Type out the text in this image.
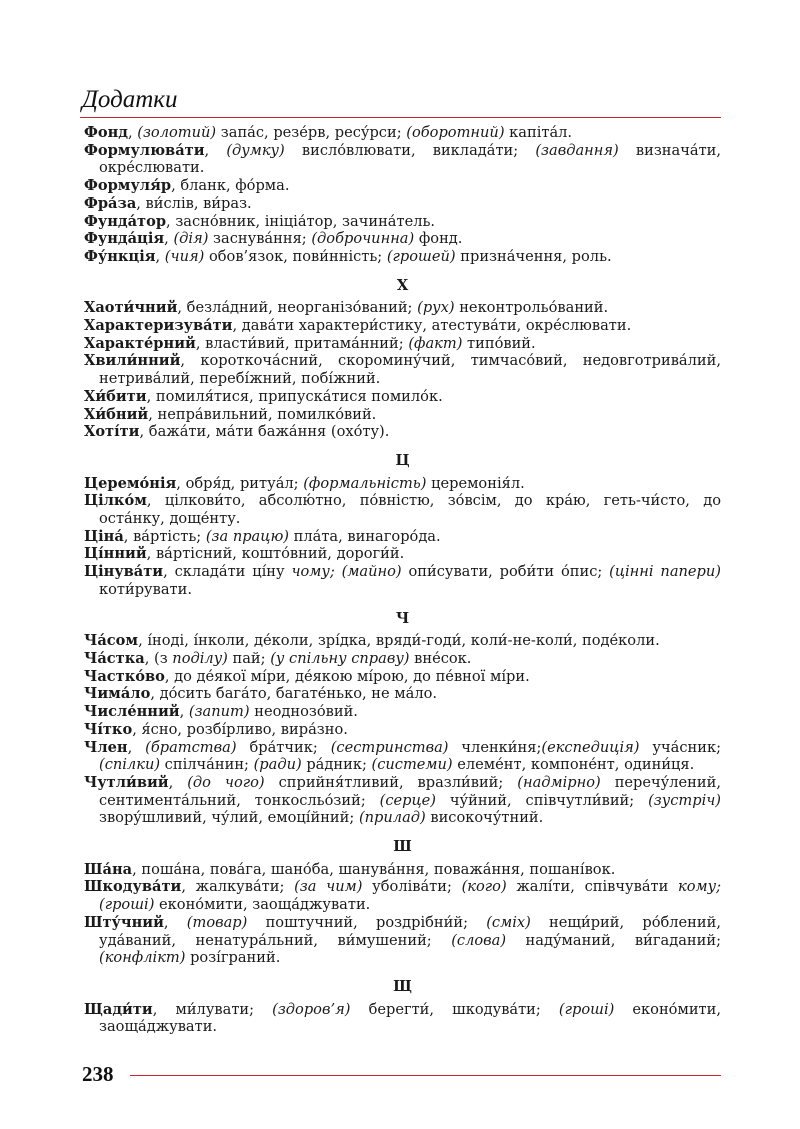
Додатки

Фонд, (золотий) запа́с, резе́рв, ресу́рси; (оборотний) капіта́л.

Формулюва́ти, (думку) висло́влювати, виклада́ти; (завдання) визнача́ти, окре́слювати.

Формуля́р, бланк, фо́рма.

Фра́за, ви́слів, ви́раз.

Фунда́тор, засно́вник, ініціа́тор, зачина́тель.

Фунда́ція, (дія) заснува́ння; (доброчинна) фонд.

Фу́нкція, (чия) обов’язок, пови́нність; (грошей) призна́чення, роль.

Х

Хаоти́чний, безла́дний, неорганізо́ваний; (рух) неконтрольо́ваний.

Характеризува́ти, дава́ти характери́стику, атестува́ти, окре́слювати.

Характе́рний, власти́вий, притама́нний; (факт) типо́вий.

Хвили́нний, короткоча́сний, скоромину́чий, тимчасо́вий, недовготрива́лий, нетрива́лий, перебі́жний, побі́жний.

Хи́бити, помиля́тися, припуска́тися помило́к.

Хи́бний, непра́вильний, помилко́вий.

Хоті́ти, бажа́ти, ма́ти бажа́ння (охо́ту).

Ц

Церемо́нія, обря́д, ритуа́л; (формальність) церемонія́л.

Цілко́м, цілкови́то, абсолю́тно, по́вністю, зо́всім, до кра́ю, геть-чи́сто, до оста́нку, доще́нту.

Ціна́, ва́ртість; (за працю) пла́та, винагоро́да.

Ці́нний, ва́ртісний, кошто́вний, дороги́й.

Цінува́ти, склада́ти ці́ну чому; (майно) опи́сувати, роби́ти о́пис; (цінні папери) коти́рувати.

Ч

Ча́сом, і́ноді, і́нколи, де́коли, зрі́дка, вряди́-годи́, коли́-не-коли́, поде́коли.

Ча́стка, (з поділу) пай; (у спільну справу) вне́сок.

Частко́во, до де́якої мі́ри, де́якою мі́рою, до пе́вної мі́ри.

Чима́ло, до́сить бага́то, багате́нько, не ма́ло.

Числе́нний, (запит) неоднозо́вий.

Чі́тко, я́сно, розбі́рливо, вира́зно.

Член, (братства) бра́тчик; (сестринства) членки́ня;(експедиція) уча́сник; (спілки) спілча́нин; (ради) ра́дник; (системи) елеме́нт, компоне́нт, одини́ця.

Чутли́вий, (до чого) сприйня́тливий, вразли́вий; (надмірно) перечу́лений, сентимента́льний, тонкосльо́зий; (серце) чу́йний, співчутли́вий; (зустріч) звору́шливий, чу́лий, емоці́йний; (прилад) високочу́тний.

Ш

Ша́на, поша́на, пова́га, шано́ба, шанува́ння, поважа́ння, пошані́вок.

Шкодува́ти, жалкува́ти; (за чим) уболіва́ти; (кого) жалі́ти, співчува́ти кому; (гроші) еконо́мити, заоща́джувати.

Шту́чний, (товар) поштучний, роздрібни́й; (сміх) нещи́рий, ро́блений, уда́ваний, ненатура́льний, ви́мушений; (слова) наду́маний, ви́гаданий; (конфлікт) розі́граний.

Щ

Щади́ти, ми́лувати; (здоров’я) берегти́, шкодува́ти; (гроші) еконо́мити, заоща́джувати.

238
